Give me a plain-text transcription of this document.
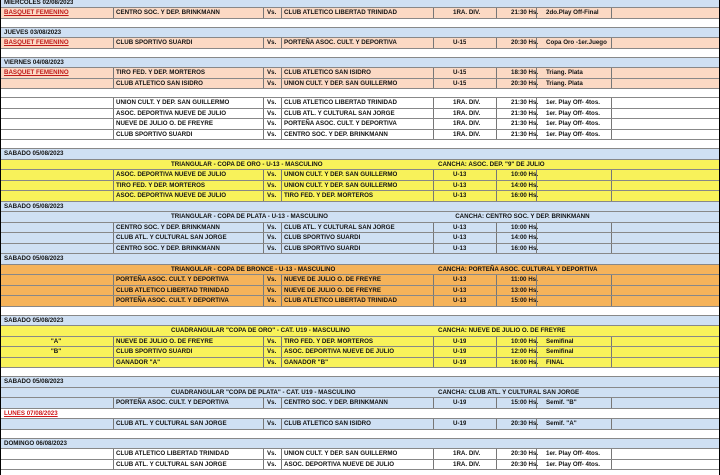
MIERCOLES 02/08/2023
BASQUET FEMENINO	CENTRO SOC. Y DEP. BRINKMANN	Vs. CLUB ATLETICO LIBERTAD TRINIDAD	1RA. DIV.	21:30 Hs. 2do.Play Off-Final
JUEVES 03/08/2023
BASQUET FEMENINO	CLUB SPORTIVO SUARDI	Vs. PORTEÑA ASOC. CULT. Y DEPORTIVA	U-15	20:30 Hs. Copa Oro -1er.Juego
VIERNES 04/08/2023
BASQUET FEMENINO	TIRO FED. Y DEP. MORTEROS	Vs. CLUB ATLETICO SAN ISIDRO	U-15	18:30 Hs. Triang. Plata
CLUB ATLETICO SAN ISIDRO	Vs. UNION CULT. Y DEP. SAN GUILLERMO	U-15	20:30 Hs. Triang. Plata
UNION CULT. Y DEP. SAN GUILLERMO	Vs. CLUB ATLETICO LIBERTAD TRINIDAD	1RA. DIV.	21:30 Hs. 1er. Play Off- 4tos.
ASOC. DEPORTIVA NUEVE DE JULIO	Vs. CLUB ATL. Y CULTURAL SAN JORGE	1RA. DIV.	21:30 Hs. 1er. Play Off- 4tos.
NUEVE DE JULIO O. DE FREYRE	Vs. PORTEÑA ASOC. CULT. Y DEPORTIVA	1RA. DIV.	21:30 Hs. 1er. Play Off- 4tos.
CLUB SPORTIVO SUARDI	Vs. CENTRO SOC. Y DEP. BRINKMANN	1RA. DIV.	21:30 Hs. 1er. Play Off- 4tos.
SABADO 05/08/2023
TRIANGULAR - COPA DE ORO - U-13 - MASCULINO	CANCHA: ASOC. DEP. "9" DE JULIO
ASOC. DEPORTIVA NUEVE DE JULIO	Vs. UNION CULT. Y DEP. SAN GUILLERMO	U-13	10:00 Hs.
TIRO FED. Y DEP. MORTEROS	Vs. UNION CULT. Y DEP. SAN GUILLERMO	U-13	14:00 Hs.
ASOC. DEPORTIVA NUEVE DE JULIO	Vs. TIRO FED. Y DEP. MORTEROS	U-13	16:00 Hs.
SABADO 05/08/2023
TRIANGULAR - COPA DE PLATA - U-13 - MASCULINO	CANCHA: CENTRO SOC. Y DEP. BRINKMANN
CENTRO SOC. Y DEP. BRINKMANN	Vs. CLUB ATL. Y CULTURAL SAN JORGE	U-13	10:00 Hs.
CLUB ATL. Y CULTURAL SAN JORGE	Vs. CLUB SPORTIVO SUARDI	U-13	14:00 Hs.
CENTRO SOC. Y DEP. BRINKMANN	Vs. CLUB SPORTIVO SUARDI	U-13	16:00 Hs.
SABADO 05/08/2023
TRIANGULAR - COPA DE BRONCE - U-13 - MASCULINO	CANCHA: PORTEÑA ASOC. CULTURAL Y DEPORTIVA
PORTEÑA ASOC. CULT. Y DEPORTIVA	Vs. NUEVE DE JULIO O. DE FREYRE	U-13	11:00 Hs.
CLUB ATLETICO LIBERTAD TRINIDAD	Vs. NUEVE DE JULIO O. DE FREYRE	U-13	13:00 Hs.
PORTEÑA ASOC. CULT. Y DEPORTIVA	Vs. CLUB ATLETICO LIBERTAD TRINIDAD	U-13	15:00 Hs.
SABADO 05/08/2023
CUADRANGULAR "COPA DE ORO" - CAT. U19 - MASCULINO	CANCHA: NUEVE DE JULIO O. DE FREYRE
"A"	NUEVE DE JULIO O. DE FREYRE	Vs. TIRO FED. Y DEP. MORTEROS	U-19	10:00 Hs. Semifinal
"B"	CLUB SPORTIVO SUARDI	Vs. ASOC. DEPORTIVA NUEVE DE JULIO	U-19	12:00 Hs. Semifinal
GANADOR "A"	Vs. GANADOR "B"	U-19	16:00 Hs. FINAL
SABADO 05/08/2023
CUADRANGULAR "COPA DE PLATA" - CAT. U19 - MASCULINO	CANCHA: CLUB ATL. Y CULTURAL SAN JORGE
PORTEÑA ASOC. CULT. Y DEPORTIVA	Vs. CENTRO SOC. Y DEP. BRINKMANN	U-19	15:00 Hs. Semif. "B"
LUNES 07/08/2023
CLUB ATL. Y CULTURAL SAN JORGE	Vs. CLUB ATLETICO SAN ISIDRO	U-19	20:30 Hs. Semif. "A"
DOMINGO 06/08/2023
CLUB ATLETICO LIBERTAD TRINIDAD	Vs. UNION CULT. Y DEP. SAN GUILLERMO	1RA. DIV.	20:30 Hs. 1er. Play Off- 4tos.
CLUB ATL. Y CULTURAL SAN JORGE	Vs. ASOC. DEPORTIVA NUEVE DE JULIO	1RA. DIV.	20:30 Hs. 1er. Play Off- 4tos.
